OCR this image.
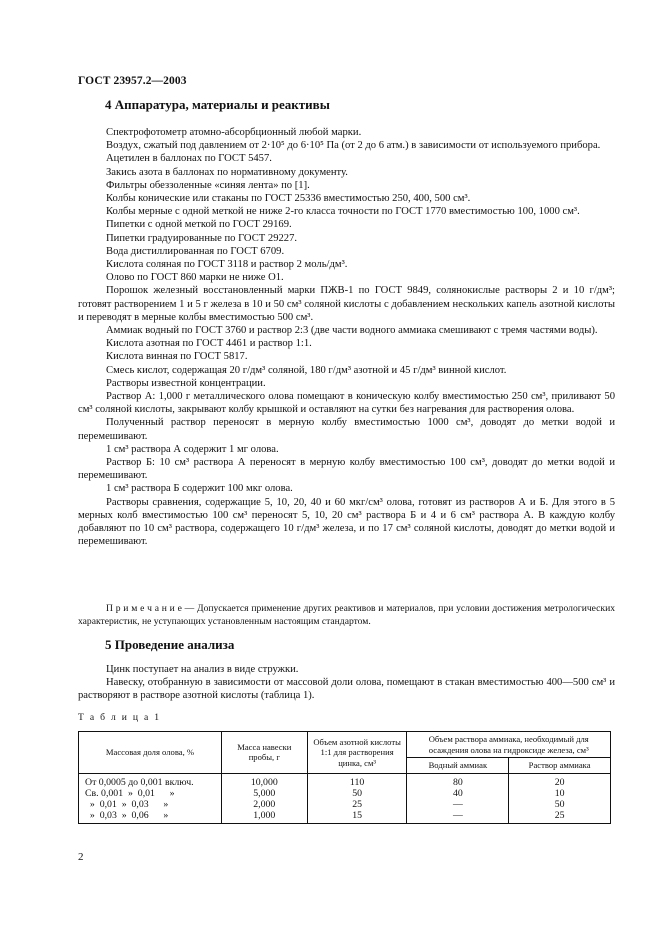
ГОСТ 23957.2—2003
4 Аппаратура, материалы и реактивы

Спектрофотометр атомно-абсорбционный любой марки.

Воздух, сжатый под давлением от 2·10⁵ до 6·10⁵ Па (от 2 до 6 атм.) в зависимости от используемого прибора.

Ацетилен в баллонах по ГОСТ 5457.

Закись азота в баллонах по нормативному документу.

Фильтры обеззоленные «синяя лента» по [1].

Колбы конические или стаканы по ГОСТ 25336 вместимостью 250, 400, 500 см³.

Колбы мерные с одной меткой не ниже 2-го класса точности по ГОСТ 1770 вместимостью 100, 1000 см³.

Пипетки с одной меткой по ГОСТ 29169.

Пипетки градуированные по ГОСТ 29227.

Вода дистиллированная по ГОСТ 6709.

Кислота соляная по ГОСТ 3118 и раствор 2 моль/дм³.

Олово по ГОСТ 860 марки не ниже О1.

Порошок железный восстановленный марки ПЖВ-1 по ГОСТ 9849, солянокислые растворы 2 и 10 г/дм³; готовят растворением 1 и 5 г железа в 10 и 50 см³ соляной кислоты с добавлением нескольких капель азотной кислоты и переводят в мерные колбы вместимостью 500 см³.

Аммиак водный по ГОСТ 3760 и раствор 2:3 (две части водного аммиака смешивают с тремя частями воды).

Кислота азотная по ГОСТ 4461 и раствор 1:1.

Кислота винная по ГОСТ 5817.

Смесь кислот, содержащая 20 г/дм³ соляной, 180 г/дм³ азотной и 45 г/дм³ винной кислот.

Растворы известной концентрации.

Раствор А: 1,000 г металлического олова помещают в коническую колбу вместимостью 250 см³, приливают 50 см³ соляной кислоты, закрывают колбу крышкой и оставляют на сутки без нагревания для растворения олова.

Полученный раствор переносят в мерную колбу вместимостью 1000 см³, доводят до метки водой и перемешивают.

1 см³ раствора А содержит 1 мг олова.

Раствор Б: 10 см³ раствора А переносят в мерную колбу вместимостью 100 см³, доводят до метки водой и перемешивают.

1 см³ раствора Б содержит 100 мкг олова.

Растворы сравнения, содержащие 5, 10, 20, 40 и 60 мкг/см³ олова, готовят из растворов А и Б. Для этого в 5 мерных колб вместимостью 100 см³ переносят 5, 10, 20 см³ раствора Б и 4 и 6 см³ раствора А. В каждую колбу добавляют по 10 см³ раствора, содержащего 10 г/дм³ железа, и по 17 см³ соляной кислоты, доводят до метки водой и перемешивают.

П р и м е ч а н и е — Допускается применение других реактивов и материалов, при условии достижения метрологических характеристик, не уступающих установленным настоящим стандартом.

5 Проведение анализа

Цинк поступает на анализ в виде стружки.

Навеску, отобранную в зависимости от массовой доли олова, помещают в стакан вместимостью 400—500 см³ и растворяют в растворе азотной кислоты (таблица 1).

Т а б л и ц а 1
Массовая доля олова, %	Масса навески пробы, г	Объем азотной кислоты 1:1 для растворения цинка, см³	Объем раствора аммиака, необходимый для осаждения олова на гидроксиде железа, см³	
			Водный аммиак	Раствор аммиака
От 0,0005 до 0,001 включ.	10,000	110	80	20
Св. 0,001  »  0,01      »	5,000	50	40	10
»  0,01  »  0,03      »	2,000	25	—	50
»  0,03  »  0,06      »	1,000	15	—	25
2
